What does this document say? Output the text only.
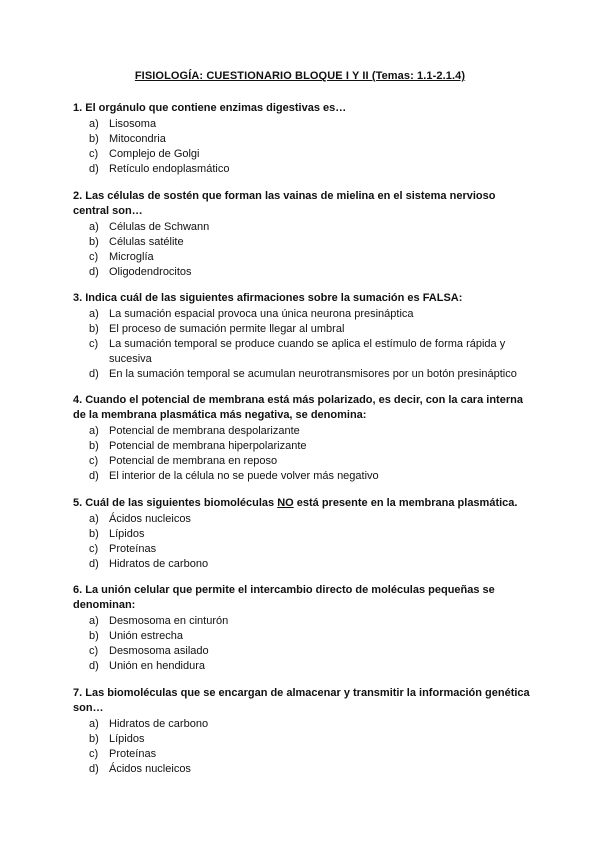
FISIOLOGÍA: CUESTIONARIO BLOQUE I Y II (Temas: 1.1-2.1.4)
1. El orgánulo que contiene enzimas digestivas es…
a) Lisosoma
b) Mitocondria
c) Complejo de Golgi
d) Retículo endoplasmático
2. Las células de sostén que forman las vainas de mielina en el sistema nervioso central son…
a) Células de Schwann
b) Células satélite
c) Microglía
d) Oligodendrocitos
3. Indica cuál de las siguientes afirmaciones sobre la sumación es FALSA:
a) La sumación espacial provoca una única neurona presináptica
b) El proceso de sumación permite llegar al umbral
c) La sumación temporal se produce cuando se aplica el estímulo de forma rápida y sucesiva
d) En la sumación temporal se acumulan neurotransmisores por un botón presináptico
4. Cuando el potencial de membrana está más polarizado, es decir, con la cara interna de la membrana plasmática más negativa, se denomina:
a) Potencial de membrana despolarizante
b) Potencial de membrana hiperpolarizante
c) Potencial de membrana en reposo
d) El interior de la célula no se puede volver más negativo
5. Cuál de las siguientes biomoléculas NO está presente en la membrana plasmática.
a) Ácidos nucleicos
b) Lípidos
c) Proteínas
d) Hidratos de carbono
6. La unión celular que permite el intercambio directo de moléculas pequeñas se denominan:
a) Desmosoma en cinturón
b) Unión estrecha
c) Desmosoma asilado
d) Unión en hendidura
7. Las biomoléculas que se encargan de almacenar y transmitir la información genética son…
a) Hidratos de carbono
b) Lípidos
c) Proteínas
d) Ácidos nucleicos
